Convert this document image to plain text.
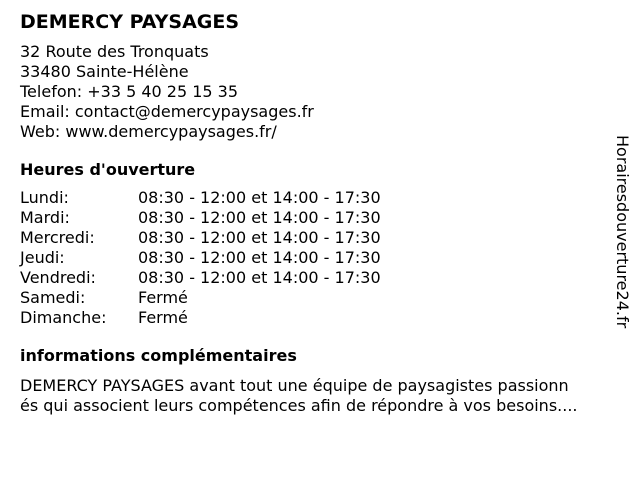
DEMERCY PAYSAGES
32 Route des Tronquats
33480 Sainte-Hélène
Telefon: +33 5 40 25 15 35
Email: contact@demercypaysages.fr
Web: www.demercypaysages.fr/
Heures d'ouverture
Lundi:	08:30 - 12:00 et 14:00 - 17:30
Mardi:	08:30 - 12:00 et 14:00 - 17:30
Mercredi:	08:30 - 12:00 et 14:00 - 17:30
Jeudi:	08:30 - 12:00 et 14:00 - 17:30
Vendredi:	08:30 - 12:00 et 14:00 - 17:30
Samedi:	Fermé
Dimanche:	Fermé
informations complémentaires
DEMERCY PAYSAGES avant tout une équipe de paysagistes passionn
és qui associent leurs compétences afin de répondre à vos besoins....
Horairesdouverture24.fr
